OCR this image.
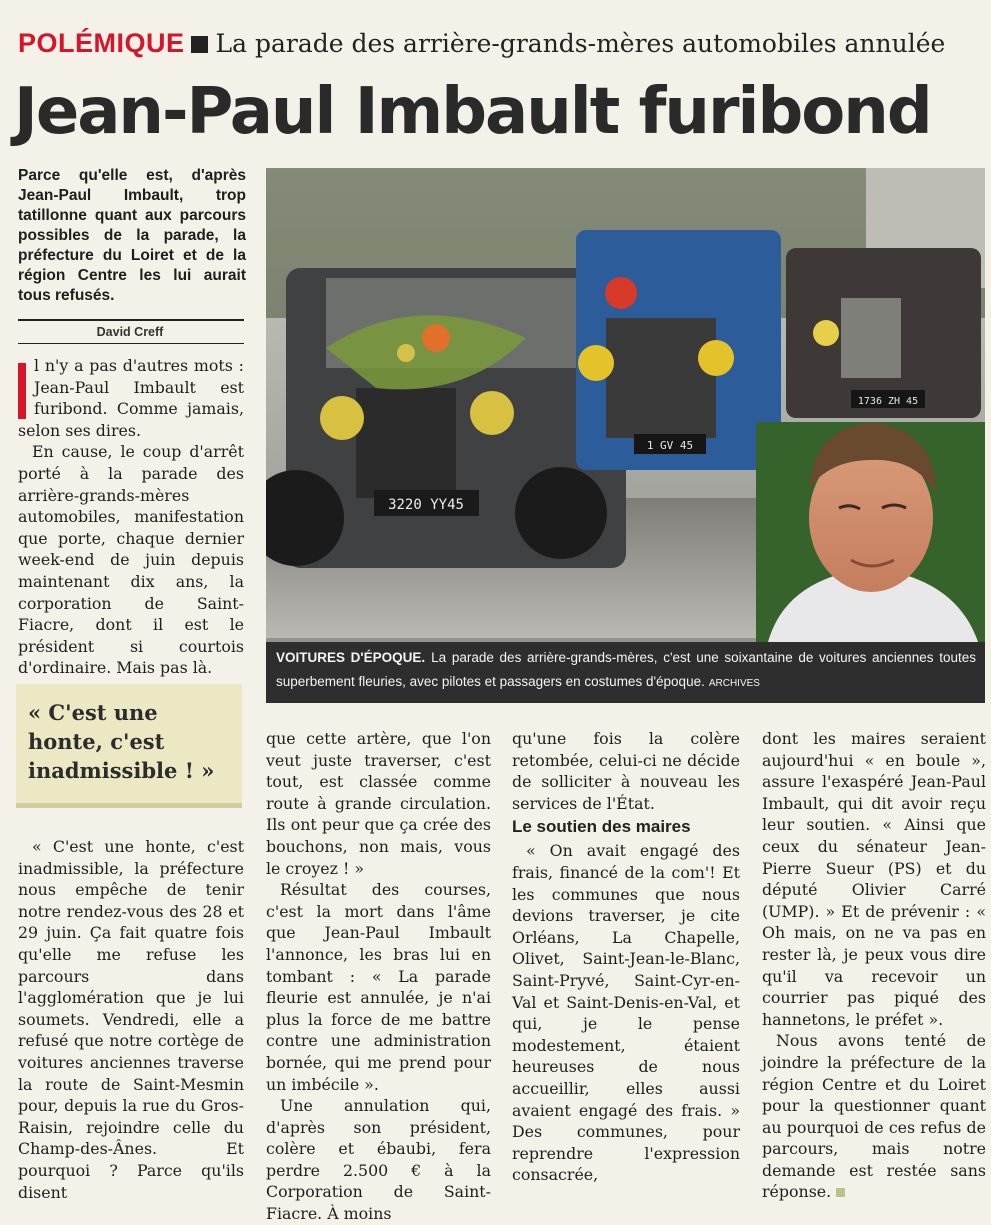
POLÉMIQUE La parade des arrière-grands-mères automobiles annulée
Jean-Paul Imbault furibond
Parce qu'elle est, d'après Jean-Paul Imbault, trop tatillonne quant aux parcours possibles de la parade, la préfecture du Loiret et de la région Centre les lui aurait tous refusés.
David Creff

l n'y a pas d'autres mots : Jean-Paul Imbault est furibond. Comme jamais, selon ses dires.

En cause, le coup d'arrêt porté à la parade des arrière-grands-mères automobiles, manifestation que porte, chaque dernier week-end de juin depuis maintenant dix ans, la corporation de Saint-Fiacre, dont il est le président si courtois d'ordinaire. Mais pas là.

« C'est une honte, c'est inadmissible ! »

« C'est une honte, c'est inadmissible, la préfecture nous empêche de tenir notre rendez-vous des 28 et 29 juin. Ça fait quatre fois qu'elle me refuse les parcours dans l'agglomération que je lui soumets. Vendredi, elle a refusé que notre cortège de voitures anciennes traverse la route de Saint-Mesmin pour, depuis la rue du Gros-Raisin, rejoindre celle du Champ-des-Ânes. Et pourquoi ? Parce qu'ils disent

3220 YY45
1 GV 45
1736 ZH 45
VOITURES D'ÉPOQUE. La parade des arrière-grands-mères, c'est une soixantaine de voitures anciennes toutes superbement fleuries, avec pilotes et passagers en costumes d'époque. ARCHIVES

que cette artère, que l'on veut juste traverser, c'est tout, est classée comme route à grande circulation. Ils ont peur que ça crée des bouchons, non mais, vous le croyez ! »

Résultat des courses, c'est la mort dans l'âme que Jean-Paul Imbault l'annonce, les bras lui en tombant : « La parade fleurie est annulée, je n'ai plus la force de me battre contre une administration bornée, qui me prend pour un imbécile ».

Une annulation qui, d'après son président, colère et ébaubi, fera perdre 2.500 € à la Corporation de Saint-Fiacre. À moins

qu'une fois la colère retombée, celui-ci ne décide de solliciter à nouveau les services de l'État.

Le soutien des maires

« On avait engagé des frais, financé de la com'! Et les communes que nous devions traverser, je cite Orléans, La Chapelle, Olivet, Saint-Jean-le-Blanc, Saint-Pryvé, Saint-Cyr-en-Val et Saint-Denis-en-Val, et qui, je le pense modestement, étaient heureuses de nous accueillir, elles aussi avaient engagé des frais. » Des communes, pour reprendre l'expression consacrée,

dont les maires seraient aujourd'hui « en boule », assure l'exaspéré Jean-Paul Imbault, qui dit avoir reçu leur soutien. « Ainsi que ceux du sénateur Jean-Pierre Sueur (PS) et du député Olivier Carré (UMP). » Et de prévenir : « Oh mais, on ne va pas en rester là, je peux vous dire qu'il va recevoir un courrier pas piqué des hannetons, le préfet ».

Nous avons tenté de joindre la préfecture de la région Centre et du Loiret pour la questionner quant au pourquoi de ces refus de parcours, mais notre demande est restée sans réponse.
